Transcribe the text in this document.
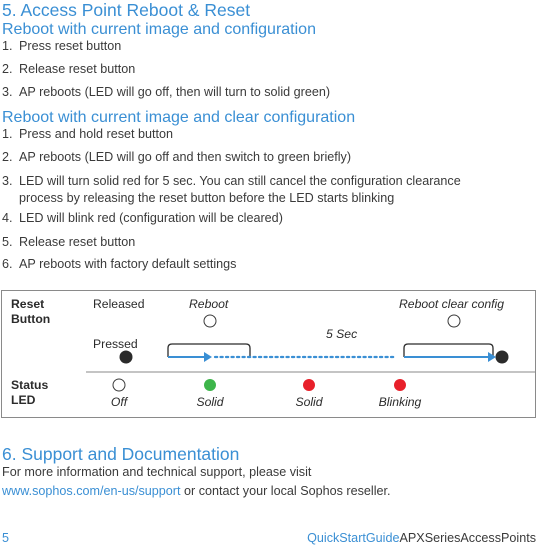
5. Access Point Reboot & Reset
Reboot with current image and configuration
1. Press reset button
2. Release reset button
3. AP reboots (LED will go off, then will turn to solid green)
Reboot with current image and clear configuration
1. Press and hold reset button
2. AP reboots (LED will go off and then switch to green briefly)
3. LED will turn solid red for 5 sec. You can still cancel the configuration clearance process by releasing the reset button before the LED starts blinking
4. LED will blink red (configuration will be cleared)
5. Release reset button
6. AP reboots with factory default settings
Reset Button
Status LED
Released
Pressed
Reboot	Reboot clear config
5 Sec
Off	Solid	Solid	Blinking
6. Support and Documentation
For more information and technical support, please visit
www.sophos.com/en-us/support or contact your local Sophos reseller.
5	QuickStartGuideAPXSeriesAccessPoints
